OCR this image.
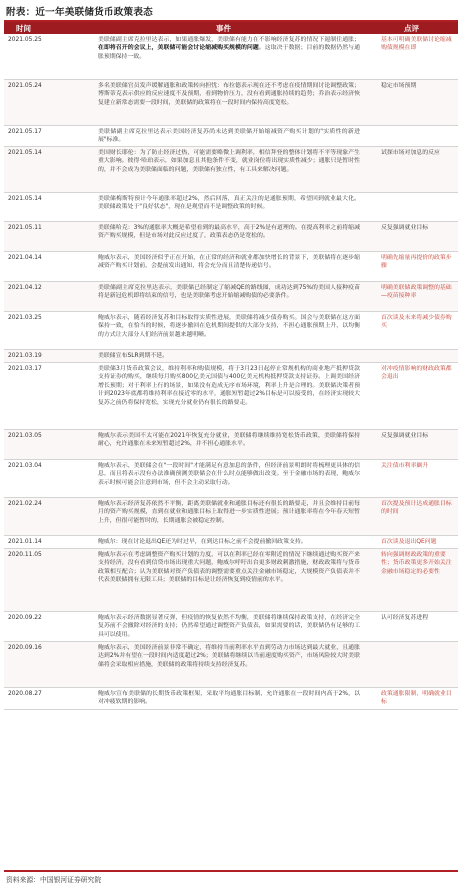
附表：近一年美联储货币政策表态
时间	事件	点评
2021.05.25	美联储副主席克拉里达表示，如果通胀爆发，美联储有能力在不影响经济复苏的情况下遏制住通胀；在即将召开的会议上，美联储可能会讨论缩减购买规模的问题。这取决于数据；目前的数据仍然与通胀预期保持一致。
基本可明确美联储讨论缩减购债规模在即
2021.05.24	多名美联储官员发声缓解通胀和政策转向担忧：布拉德表示现在还不考虑在疫情期间讨论调整政策；博斯蒂克表示供应的反应速度不及预期，看到物价压力，没有看到通胀持续的趋势；乔治表示经济恢复建立新常态需要一段时间，美联储的政策将在一段时间内保持高度宽松。
稳定市场预期
2021.05.17	美联储副主席克拉里达表示美国经济复苏尚未达到美联储开始缩减资产购买计划的"实质性的新进展"标准。
2021.05.14	美国财长耶伦：为了防止经济过热，可能需要略微上调利率，相信拜登的整体计划将不平等现象产生重大影响。彼得·哈珀表示，如果加息且其他条件不变，就业岗位将出现实质性减少；通胀只是暂时性的，并不会成为美联储面临的问题，美联储有独立性，有工具来解决问题。
试探市场对加息的反应
2021.05.14	美联储梅斯特预计今年通胀率超过2%，然后回落，真正关注的是通胀预期，希望回到就业最大化。美联储政策处于"良好状态"，现在是观望而不是调整政策的时候。
2021.05.11	美联储哈克：3%的通胀率大概是希望看到的最高水平，高于2%是有道理的。在提高利率之前将缩减资产购买规模，但是市场对此反应过度了，政策表态仍是宽松的。
反复强调就业目标
2021.04.14	鲍威尔表示，美国经济似乎正在开始，在正常的经济和就业都加快增长的背景下，美联储将在逐步缩减资产购买计划前，会提前发出通知，将会充分而且清楚传递信号。
明确先缩量再提价的政策步骤
2021.04.12	美联储副主席克拉里达表示，美联储已经制定了缩减QE的路线图，成功达到75%的美国人接种疫苗将是新冠危机即将结束的信号，也是美联储考虑开始缩减购债的必要条件。
明确美联储政策调整的基础—疫苗接种率
2021.03.25	鲍威尔表示，随着经济复苏和目标取得实质性进展，美联储将减少债券购买。国会与美联储在这方面保持一致，在恰当的时候，将逐步撤回在危机期间提供的大部分支持，不担心通胀预期上升，以均衡的方式让大部分人们经济前景越来越明晰。
首次谈及未来将减少债券购买
2021.03.19	美联储宣布SLR到期不延。
2021.03.17	美联储3月货币政策会议，维持利率和购债规模，将于3月23日起停止常规机构的商业地产抵押贷款支持证券的购买，继续每月购买800亿美元国债与400亿美元机构抵押贷款支持证券。上调美国经济增长预期；对于利率上行的场景，如果没有造成无序市场环境，利率上升是合理的。美联储决策者预计到2023年底都将维持利率在接近零的水平，通胀短暂超过2%目标是可以接受的，在经济实现较大复苏之前仍将保持宽松，实现充分就业仍有很长的路要走。
对冲疫情影响的财政政策都会退出
2021.03.05	鲍威尔表示美国不太可能在2021年恢复充分就业，美联储将继续维持宽松货币政策，美联储将保持耐心，允许通胀在未来短暂超过2%，并不担心通胀水平。
反复强调就业目标
2021.03.04	鲍威尔表示，美联储会在"一段时间"才能满足有意加息的条件，但经济前景明朗时将梳理更具体的信息，而且将表示没有办法准确预测美联储会在什么时点能够做出改变。至于金融市场的表现，鲍威尔表示时候可能会注意到市场，但不会主动采取行动。
关注债市利率飙升
2021.02.24	鲍威尔表示经济复苏依然不平衡，距离美联储就业和通胀目标还有很长的路要走，并且会维持目前每月的资产购买规模，直到在就业和通胀目标上取得进一步实质性进展；预计通胀率将在今年春天短暂上升，但很可能暂时的，长期通胀会被稳定控制。
首次提及预计达成通胀目标的时间
2021.01.14	鲍威尔：现在讨论退出QE还为时过早，在到达目标之前不会提前撤回政策支持。	首次谈及退出QE问题
2020.11.05	鲍威尔表示在考虑调整资产购买计划的力度，可以在利率已经在零附近的情况下继续通过购买资产来支持经济，没有看到信贷市场出现重大问题，鲍威尔呼吁出台更多财政刺激措施，财政政策将与货币政策相互配合；认为美联储对资产负债表的调整需要重点关注金融市场稳定，大规模资产负债表并不代表美联储拥有无限工具；美联储的目标是让经济恢复到疫情前的水平。
转向强调财政政策的重要性；货币政策更多开始关注金融市场稳定的必要性
2020.09.22	鲍威尔表示经济数据显著反弹，但疫情的恢复依然不均衡，美联储将继续保持政策支持，在经济完全复苏前不会撤除对经济的支持；仍然希望通过调整资产负债表，如果需要的话，美联储仍有足够的工具可以使用。
认可经济复苏进程
2020.09.16	鲍威尔表示，美国经济前景非常不确定，将维持当前利率水平直到劳动力市场达到最大就业，且通胀达到2%并有望在一段时间内适度超过2%；美联储将继续以当前速度购买资产，市场风险较大时美联储将会采取相应措施，美联储的政策将持续支持经济复苏。
2020.08.27	鲍威尔宣布美联储的长期货币政策框架，采取平均通胀目标制，允许通胀在一段时间内高于2%，以对冲疲软期的影响。
政策通胀限制，明确就业目标
资料来源：中国银河证券研究院
